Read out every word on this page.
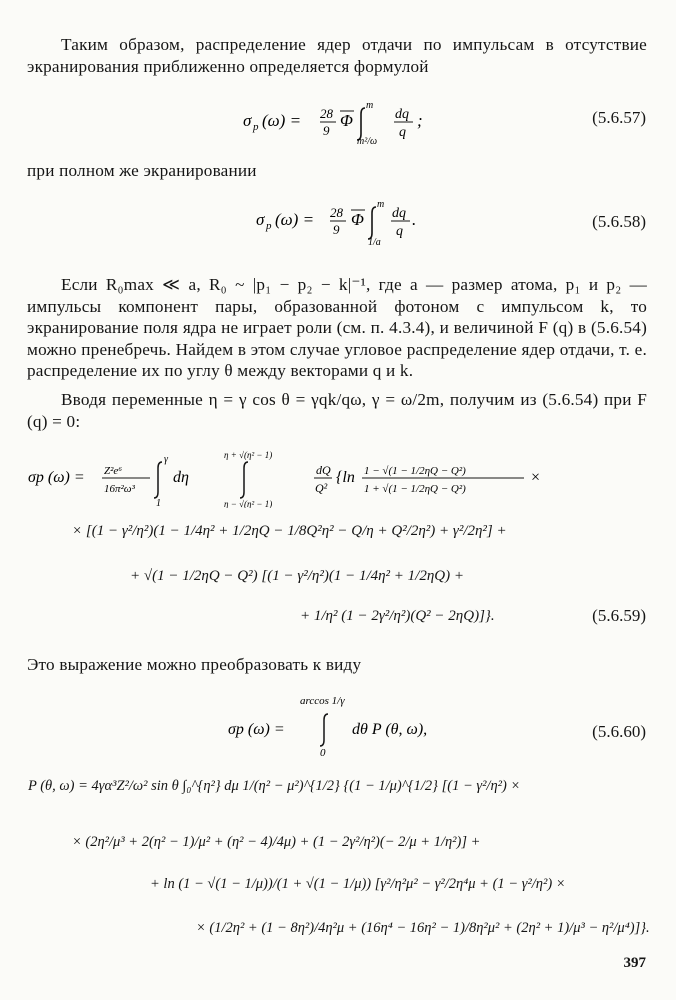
Таким образом, распределение ядер отдачи по импульсам в отсутствие экранирования приближенно определяется формулой
σ p (ω) = 28
9
Φ
m
m²/ω
dq
q
;	(5.6.57)
при полном же экранировании
σ p (ω) = 28
9
Φ
m
1/a
dq
q
.	(5.6.58)
Если R₀max ≪ a, R₀ ~ |p₁ − p₂ − k|⁻¹, где a — размер атома, p₁ и p₂ — импульсы компонент пары, образованной фотоном с импульсом k, то экранирование поля ядра не играет роли (см. п. 4.3.4), и величиной F (q) в (5.6.54) можно пренебречь. Найдем в этом случае угловое распределение ядер отдачи, т. е. распределение их по углу θ между векторами q и k.
Вводя переменные η = γ cos θ = γqk/qω, γ = ω/2m, получим из (5.6.54) при F (q) = 0:
σp (ω) = Z²e⁶
16π²ω³
γ
1
dη
η + √(η² − 1)
η − √(η² − 1)
dQ
Q²
{ln 1 − √(1 − 1/2ηQ − Q²)
1 + √(1 − 1/2ηQ − Q²)
×
× [(1 − γ²/η²)(1 − 1/4η² + 1/2ηQ − 1/8Q²η² − Q/η + Q²/2η²) + γ²/2η²] +
+ √(1 − 1/2ηQ − Q²) [(1 − γ²/η²)(1 − 1/4η² + 1/2ηQ) +
+ 1/η² (1 − 2γ²/η²)(Q² − 2ηQ)]}.	(5.6.59)
Это выражение можно преобразовать к виду
arccos 1/γ
σp (ω) =
0
dθ P (θ, ω),	(5.6.60)
P (θ, ω) = 4γα³Z²/ω² sin θ ∫₀^{η²} dμ 1/(η² − μ²)^{1/2} {(1 − 1/μ)^{1/2} [(1 − γ²/η²) ×
× (2η²/μ³ + 2(η² − 1)/μ² + (η² − 4)/4μ) + (1 − 2γ²/η²)(− 2/μ + 1/η²)] +
+ ln (1 − √(1 − 1/μ))/(1 + √(1 − 1/μ)) [γ²/η²μ² − γ²/2η⁴μ + (1 − γ²/η²) ×
× (1/2η² + (1 − 8η²)/4η²μ + (16η⁴ − 16η² − 1)/8η²μ² + (2η² + 1)/μ³ − η²/μ⁴)]}.
397
